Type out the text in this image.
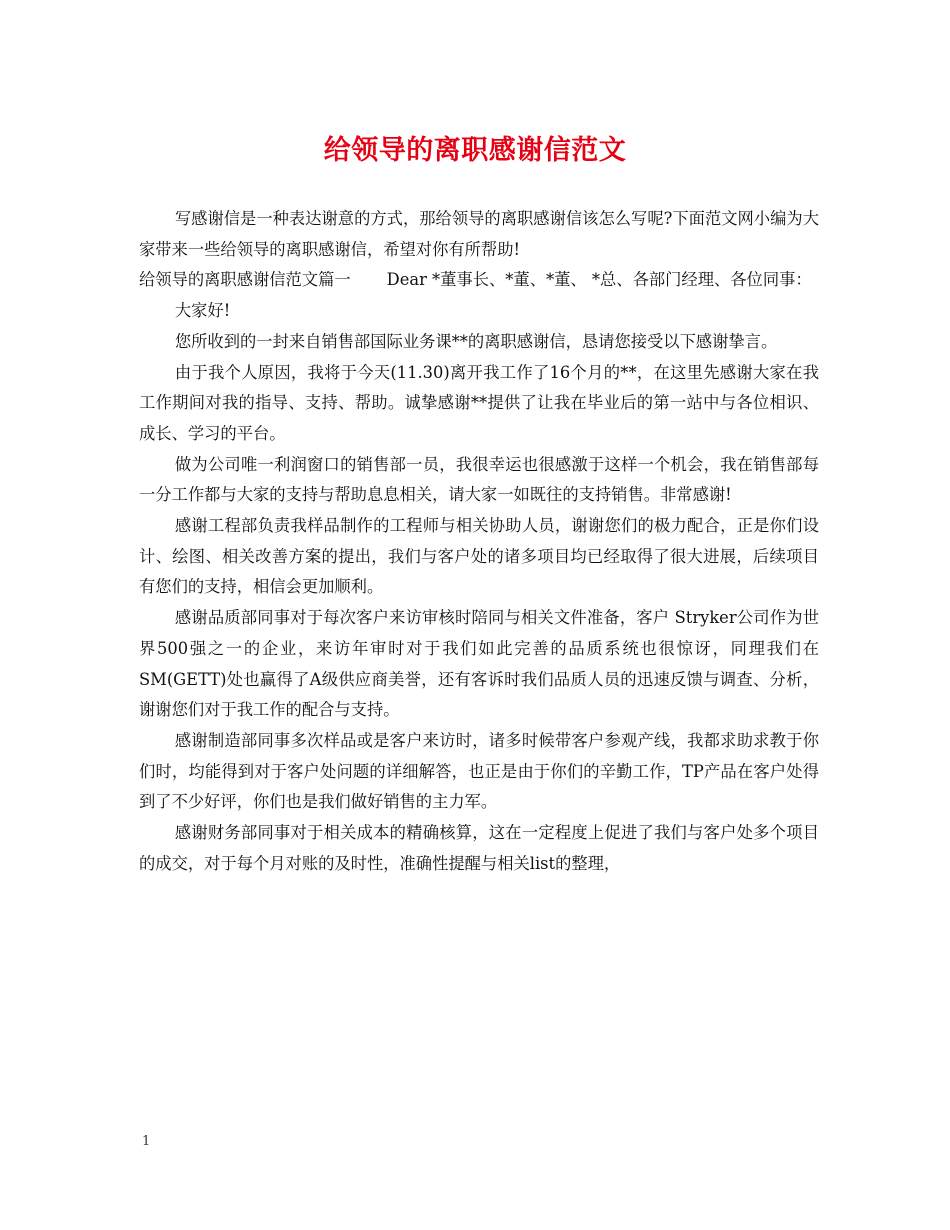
给领导的离职感谢信范文

写感谢信是一种表达谢意的方式，那给领导的离职感谢信该怎么写呢?下面范文网小编为大家带来一些给领导的离职感谢信，希望对你有所帮助!

给领导的离职感谢信范文篇一 Dear *董事长、*董、*董、 *总、各部门经理、各位同事：

大家好!

您所收到的一封来自销售部国际业务课**的离职感谢信，恳请您接受以下感谢挚言。

由于我个人原因，我将于今天(11.30)离开我工作了16个月的**，在这里先感谢大家在我工作期间对我的指导、支持、帮助。诚挚感谢**提供了让我在毕业后的第一站中与各位相识、成长、学习的平台。

做为公司唯一利润窗口的销售部一员，我很幸运也很感激于这样一个机会，我在销售部每一分工作都与大家的支持与帮助息息相关，请大家一如既往的支持销售。非常感谢!

感谢工程部负责我样品制作的工程师与相关协助人员，谢谢您们的极力配合，正是你们设计、绘图、相关改善方案的提出，我们与客户处的诸多项目均已经取得了很大进展，后续项目有您们的支持，相信会更加顺利。

感谢品质部同事对于每次客户来访审核时陪同与相关文件准备，客户 Stryker公司作为世界500强之一的企业，来访年审时对于我们如此完善的品质系统也很惊讶，同理我们在SM(GETT)处也赢得了A级供应商美誉，还有客诉时我们品质人员的迅速反馈与调查、分析，谢谢您们对于我工作的配合与支持。

感谢制造部同事多次样品或是客户来访时，诸多时候带客户参观产线，我都求助求教于你们时，均能得到对于客户处问题的详细解答，也正是由于你们的辛勤工作，TP产品在客户处得到了不少好评，你们也是我们做好销售的主力军。

感谢财务部同事对于相关成本的精确核算，这在一定程度上促进了我们与客户处多个项目的成交，对于每个月对账的及时性，准确性提醒与相关list的整理，

1
